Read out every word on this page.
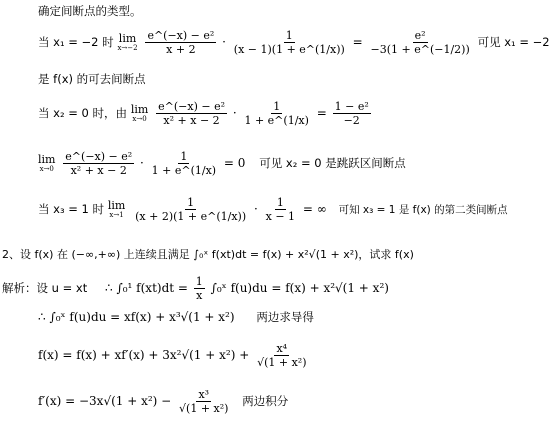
确定间断点的类型。
当 x₁ = −2 时 lim
x→−2
$\frac{\text{e\textasciicircum{}(−x) − e²}}{x + 2} \cdot \frac{1}{(x - 1)(1 + e\^{}(1/x))} = \frac{\text{e²}}{-3(1 + e\^{}(-1/2))}$ 可见 x₁ = −2
是 f(x) 的可去间断点
当 x₂ = 0 时，由 lim
x→0
$\frac{\text{e\textasciicircum{}(−x) − e²}}{\text{x² + x − 2}} \cdot \frac{1}{1 + e\^{}(1/x)} = \frac{\text{1 − e²}}{-2}$
lim
x→0
$\frac{\text{e\textasciicircum{}(−x) − e²}}{\text{x² + x − 2}} \cdot \frac{1}{1 + e\^{}(1/x)} = 0$ 可见 x₂ = 0 是跳跃区间断点
当 x₃ = 1 时 lim
x→1
$\frac{1}{(x + 2)(1 + e\^{}(1/x))} \cdot \frac{1}{x - 1}$ = ∞ 可知 x₃ = 1 是 f(x) 的第二类间断点
2、设 f(x) 在 (−∞,+∞) 上连续且满足 ∫₀ˣ f(xt)dt = f(x) + x²√(1 + x²)，试求 f(x)
解析：设 u = xt ∴ ∫₀¹ $f(xt)dt = \frac{1}{x}$ ∫₀ˣ f(u)du = f(x) + x²√(1 + x²)
∴ ∫₀ˣ f(u)du = xf(x) + x³√(1 + x²) 两边求导得
$f(x) = f(x) + xf'(x) + 3x^2√(1 + x^2) + \frac{\text{x⁴}}{\text{√(1 + x²)}}$
$f'(x) = -3x√(1 + x^2) - \frac{\text{x³}}{\text{√(1 + x²)}}$ 两边积分
